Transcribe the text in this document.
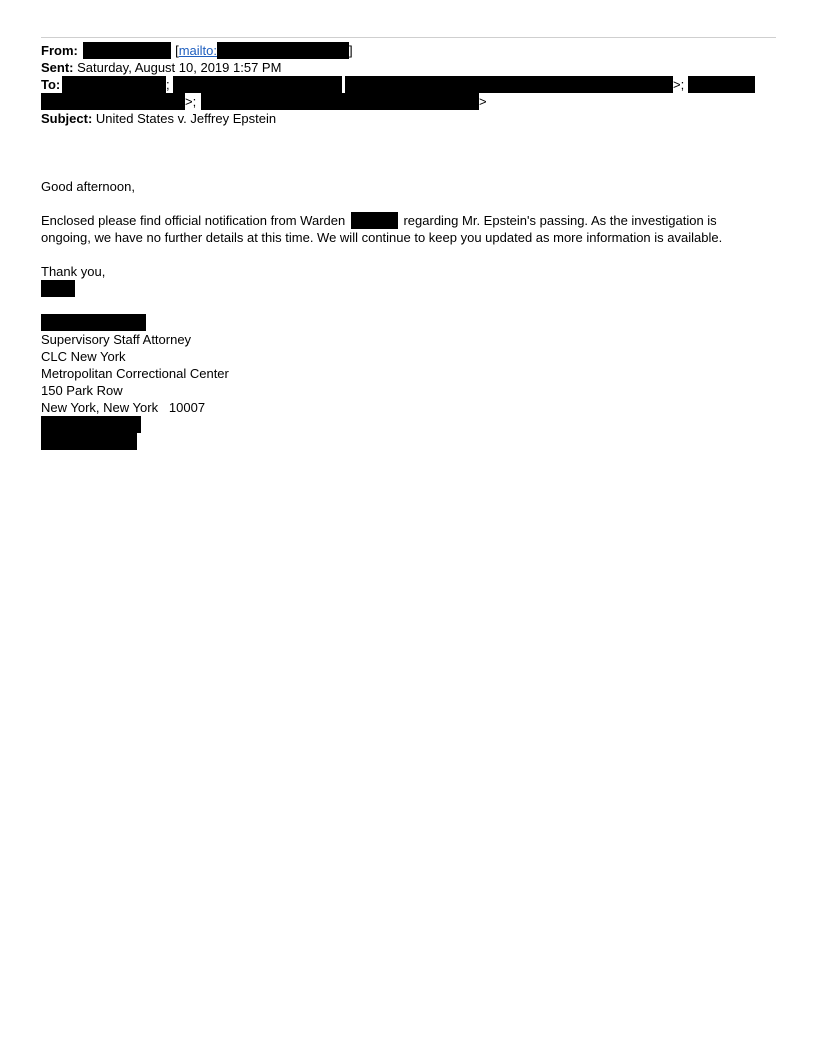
From:	[mailto:	]
Sent: Saturday, August 10, 2019 1:57 PM
To:	;	>;
>;	>
Subject: United States v. Jeffrey Epstein
Good afternoon,
Enclosed please find official notification from Warden	regarding Mr. Epstein's passing. As the investigation is
ongoing, we have no further details at this time. We will continue to keep you updated as more information is available.
Thank you,
Supervisory Staff Attorney
CLC New York
Metropolitan Correctional Center
150 Park Row
New York, New York   10007
